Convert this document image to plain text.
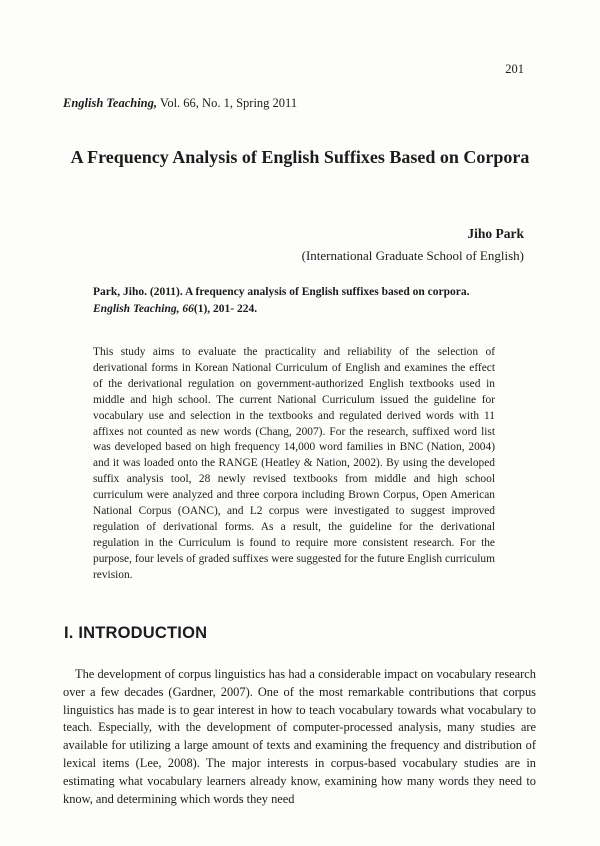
201
English Teaching, Vol. 66, No. 1, Spring 2011
A Frequency Analysis of English Suffixes Based on Corpora
Jiho Park
(International Graduate School of English)
Park, Jiho. (2011). A frequency analysis of English suffixes based on corpora.
English Teaching, 66(1), 201- 224.
This study aims to evaluate the practicality and reliability of the selection of derivational forms in Korean National Curriculum of English and examines the effect of the derivational regulation on government-authorized English textbooks used in middle and high school. The current National Curriculum issued the guideline for vocabulary use and selection in the textbooks and regulated derived words with 11 affixes not counted as new words (Chang, 2007). For the research, suffixed word list was developed based on high frequency 14,000 word families in BNC (Nation, 2004) and it was loaded onto the RANGE (Heatley & Nation, 2002). By using the developed suffix analysis tool, 28 newly revised textbooks from middle and high school curriculum were analyzed and three corpora including Brown Corpus, Open American National Corpus (OANC), and L2 corpus were investigated to suggest improved regulation of derivational forms. As a result, the guideline for the derivational regulation in the Curriculum is found to require more consistent research. For the purpose, four levels of graded suffixes were suggested for the future English curriculum revision.
I. INTRODUCTION
The development of corpus linguistics has had a considerable impact on vocabulary research over a few decades (Gardner, 2007). One of the most remarkable contributions that corpus linguistics has made is to gear interest in how to teach vocabulary towards what vocabulary to teach. Especially, with the development of computer-processed analysis, many studies are available for utilizing a large amount of texts and examining the frequency and distribution of lexical items (Lee, 2008). The major interests in corpus-based vocabulary studies are in estimating what vocabulary learners already know, examining how many words they need to know, and determining which words they need
